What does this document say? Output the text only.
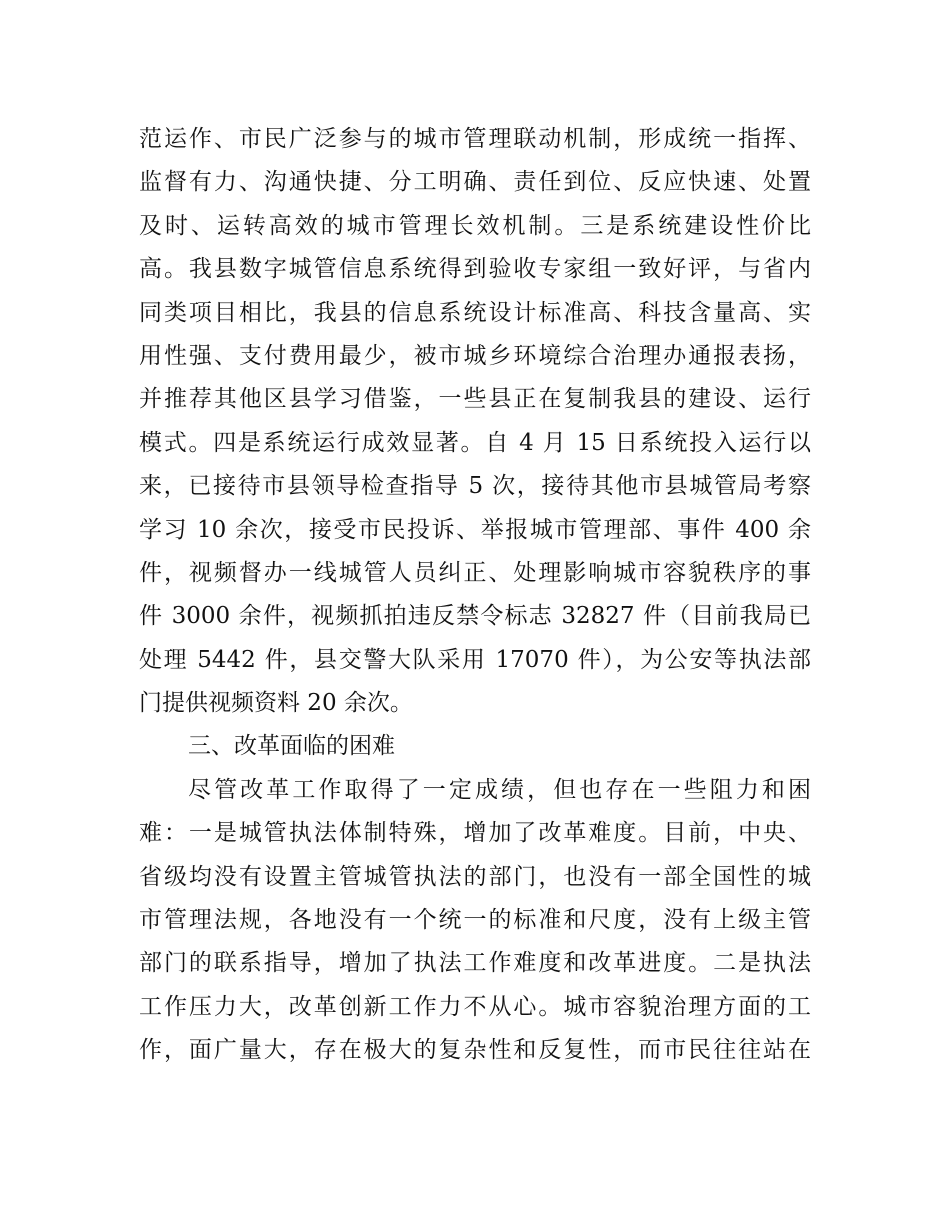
范运作、市民广泛参与的城市管理联动机制，形成统一指挥、
监督有力、沟通快捷、分工明确、责任到位、反应快速、处置
及时、运转高效的城市管理长效机制。三是系统建设性价比
高。我县数字城管信息系统得到验收专家组一致好评，与省内
同类项目相比，我县的信息系统设计标准高、科技含量高、实
用性强、支付费用最少，被市城乡环境综合治理办通报表扬，
并推荐其他区县学习借鉴，一些县正在复制我县的建设、运行
模式。四是系统运行成效显著。自 4 月 15 日系统投入运行以
来，已接待市县领导检查指导 5 次，接待其他市县城管局考察
学习 10 余次，接受市民投诉、举报城市管理部、事件 400 余
件，视频督办一线城管人员纠正、处理影响城市容貌秩序的事
件 3000 余件，视频抓拍违反禁令标志 32827 件（目前我局已
处理 5442 件，县交警大队采用 17070 件），为公安等执法部
门提供视频资料 20 余次。
三、改革面临的困难
尽管改革工作取得了一定成绩，但也存在一些阻力和困
难：一是城管执法体制特殊，增加了改革难度。目前，中央、
省级均没有设置主管城管执法的部门，也没有一部全国性的城
市管理法规，各地没有一个统一的标准和尺度，没有上级主管
部门的联系指导，增加了执法工作难度和改革进度。二是执法
工作压力大，改革创新工作力不从心。城市容貌治理方面的工
作，面广量大，存在极大的复杂性和反复性，而市民往往站在
